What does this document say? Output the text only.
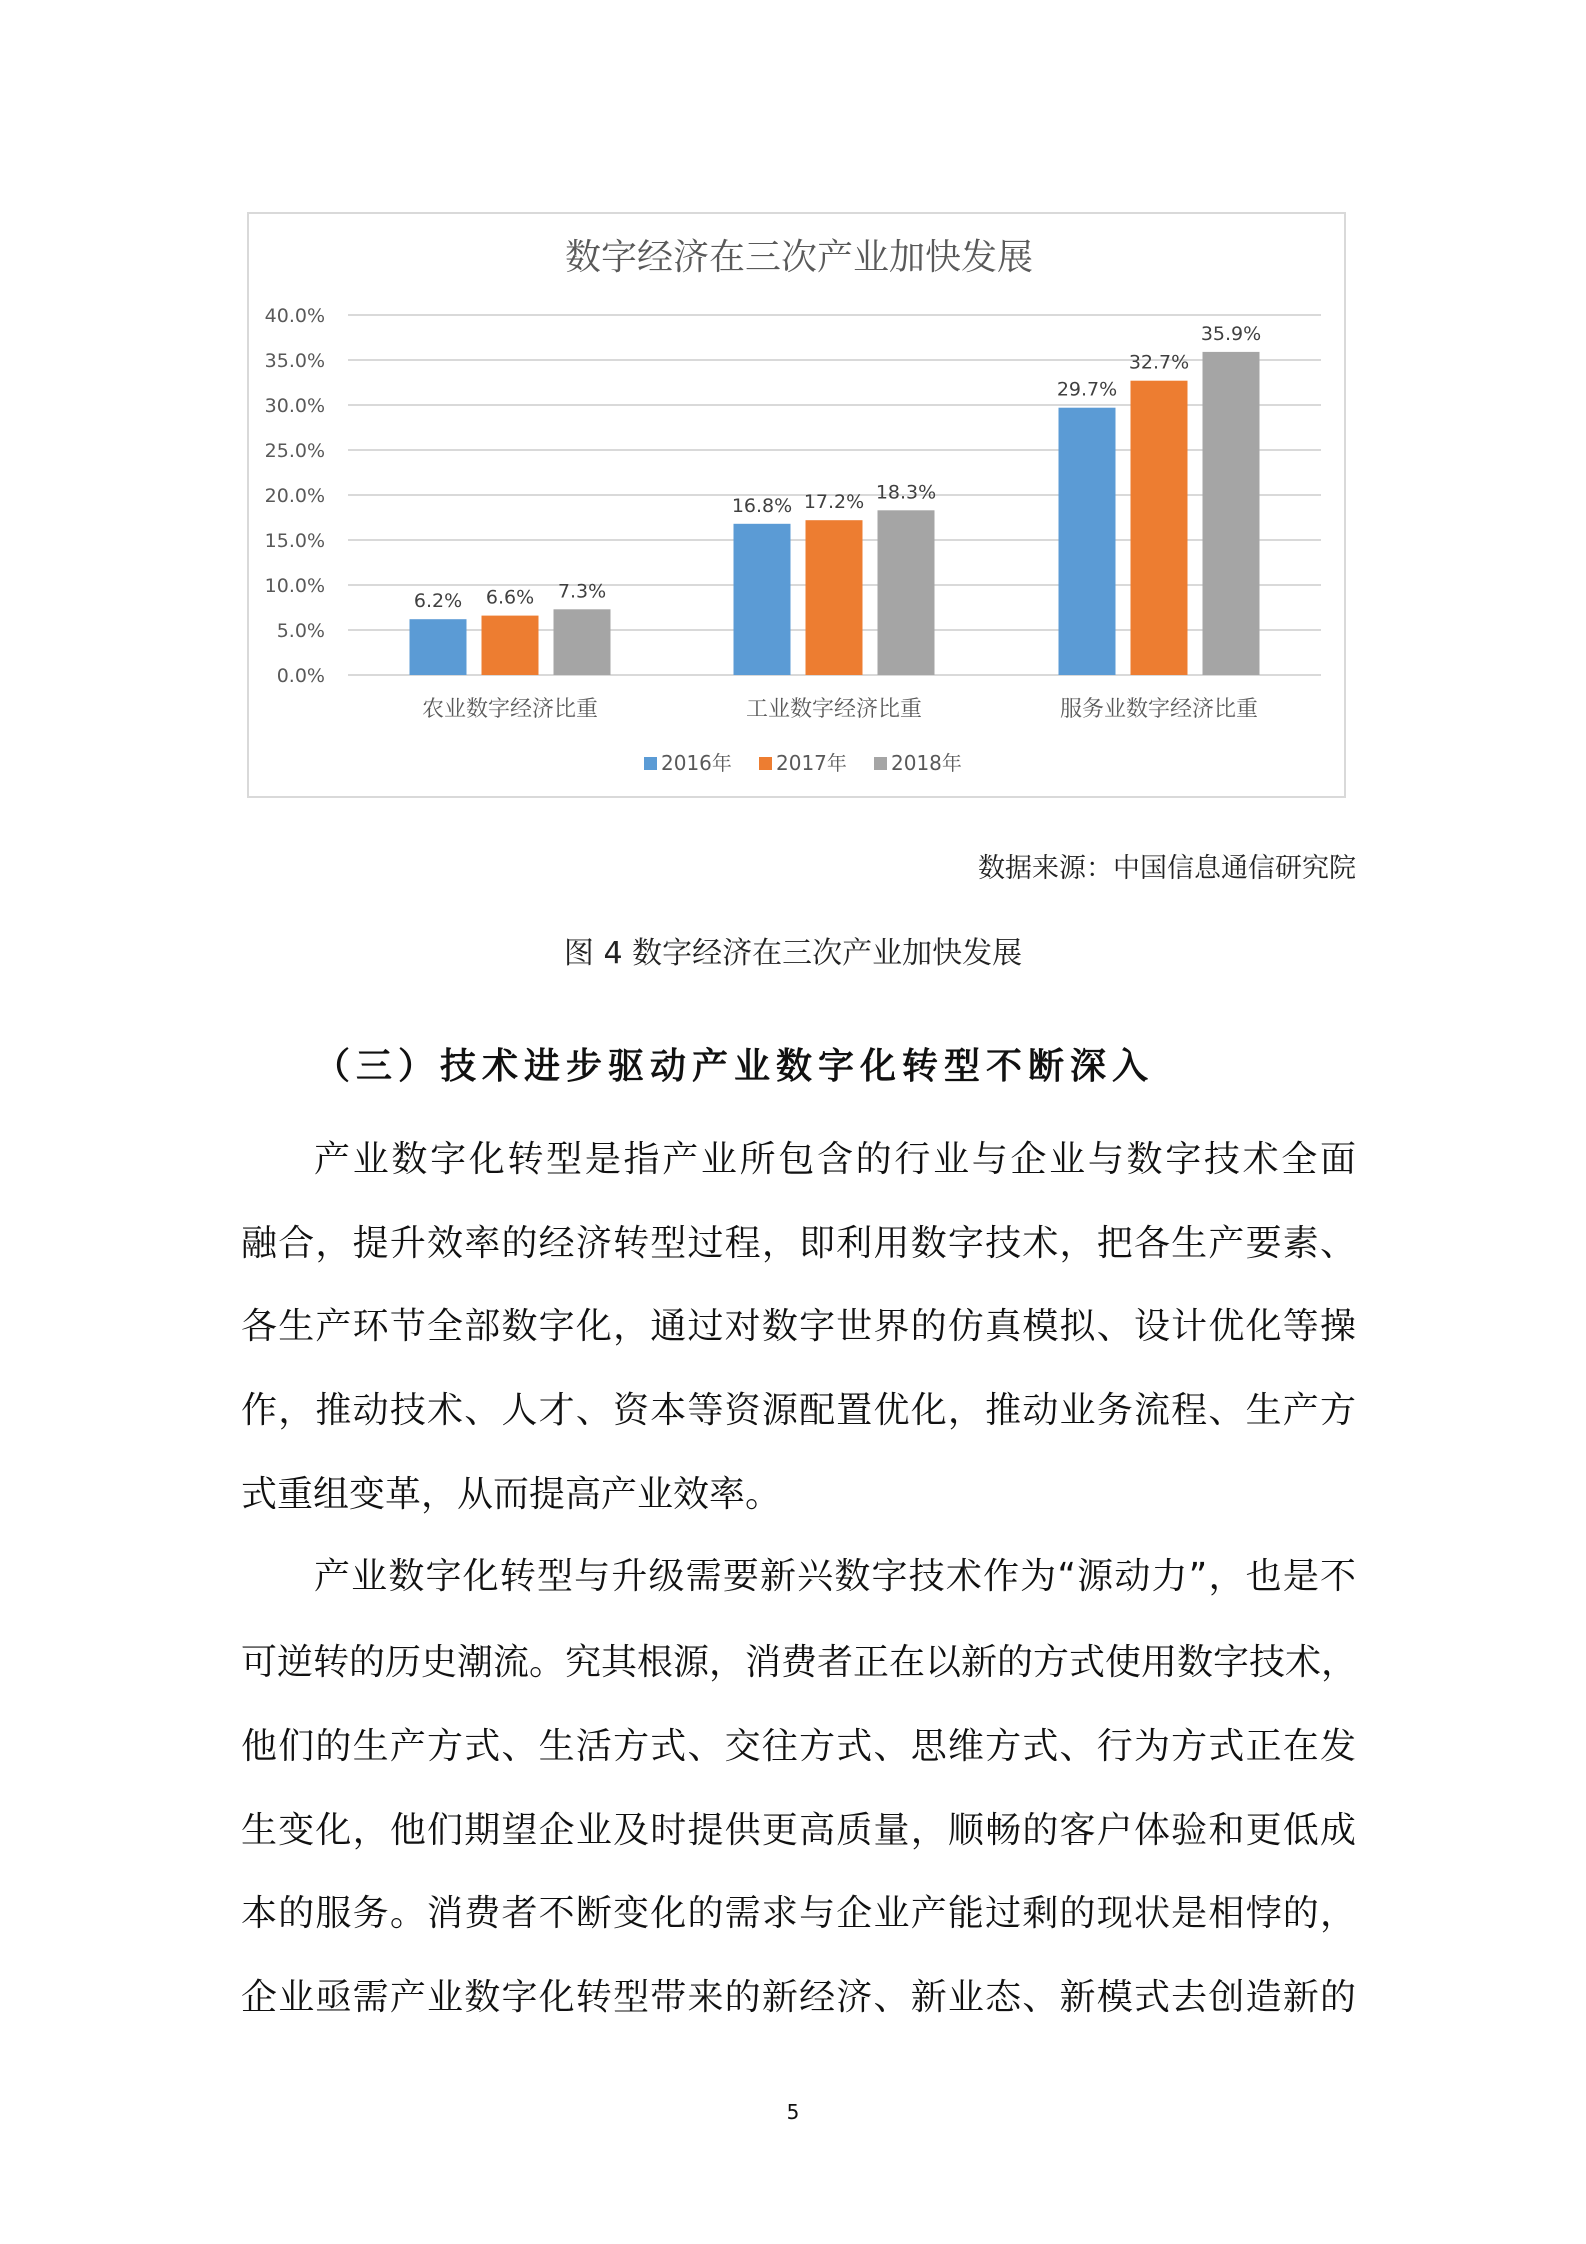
数字经济在三次产业加快发展
0.0%
5.0%
10.0%
15.0%
20.0%
25.0%
30.0%
35.0%
40.0%
6.2% 6.6% 7.3%
农业数字经济比重
16.8% 17.2% 18.3%
工业数字经济比重
29.7%
32.7%
35.9%
服务业数字经济比重
2016年 2017年 2018年
数据来源：中国信息通信研究院
图 4 数字经济在三次产业加快发展
（三）技术进步驱动产业数字化转型不断深入
产业数字化转型是指产业所包含的行业与企业与数字技术全面
融合，提升效率的经济转型过程，即利用数字技术，把各生产要素、
各生产环节全部数字化，通过对数字世界的仿真模拟、设计优化等操
作，推动技术、人才、资本等资源配置优化，推动业务流程、生产方
式重组变革，从而提高产业效率。
产业数字化转型与升级需要新兴数字技术作为“源动力”，也是不
可逆转的历史潮流。究其根源，消费者正在以新的方式使用数字技术，
他们的生产方式、生活方式、交往方式、思维方式、行为方式正在发
生变化，他们期望企业及时提供更高质量，顺畅的客户体验和更低成
本的服务。消费者不断变化的需求与企业产能过剩的现状是相悖的，
企业亟需产业数字化转型带来的新经济、新业态、新模式去创造新的
5
